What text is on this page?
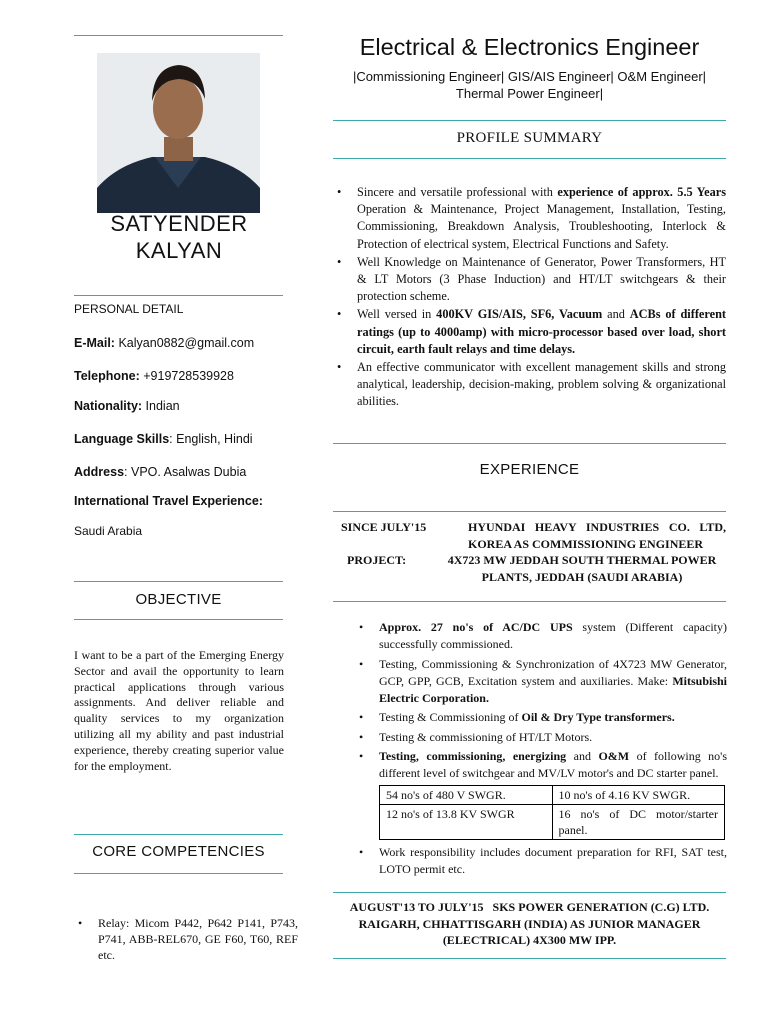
SATYENDER KALYAN
PERSONAL DETAIL
E-Mail: Kalyan0882@gmail.com
Telephone: +919728539928
Nationality: Indian
Language Skills: English, Hindi
Address: VPO. Asalwas Dubia
International Travel Experience:
Saudi Arabia
OBJECTIVE
I want to be a part of the Emerging Energy Sector and avail the opportunity to learn practical applications through various assignments. And deliver reliable and quality services to my organization utilizing all my ability and past industrial experience, thereby creating superior value for the employment.
CORE COMPETENCIES
• Relay: Micom P442, P642 P141, P743, P741, ABB-REL670, GE F60, T60, REF etc.
Electrical & Electronics Engineer
|Commissioning Engineer| GIS/AIS Engineer| O&M Engineer| Thermal Power Engineer|
PROFILE SUMMARY
• Sincere and versatile professional with experience of approx. 5.5 Years Operation & Maintenance, Project Management, Installation, Testing, Commissioning, Breakdown Analysis, Troubleshooting, Interlock & Protection of electrical system, Electrical Functions and Safety.
• Well Knowledge on Maintenance of Generator, Power Transformers, HT & LT Motors (3 Phase Induction) and HT/LT switchgears & their protection scheme.
• Well versed in 400KV GIS/AIS, SF6, Vacuum and ACBs of different ratings (up to 4000amp) with micro-processor based over load, short circuit, earth fault relays and time delays.
• An effective communicator with excellent management skills and strong analytical, leadership, decision-making, problem solving & organizational abilities.
EXPERIENCE
SINCE JULY'15	HYUNDAI HEAVY INDUSTRIES CO. LTD, KOREA AS COMMISSIONING ENGINEER
PROJECT:	4X723 MW JEDDAH SOUTH THERMAL POWER PLANTS, JEDDAH (SAUDI ARABIA)
• Approx. 27 no's of AC/DC UPS system (Different capacity) successfully commissioned.
• Testing, Commissioning & Synchronization of 4X723 MW Generator, GCP, GPP, GCB, Excitation system and auxiliaries. Make: Mitsubishi Electric Corporation.
• Testing & Commissioning of Oil & Dry Type transformers.
• Testing & commissioning of HT/LT Motors.
• Testing, commissioning, energizing and O&M of following no's different level of switchgear and MV/LV motor's and DC starter panel.
54 no's of 480 V SWGR.	10 no's of 4.16 KV SWGR.
12 no's of 13.8 KV SWGR	16 no's of DC motor/starter panel.
• Work responsibility includes document preparation for RFI, SAT test, LOTO permit etc.
AUGUST'13 TO JULY'15   SKS POWER GENERATION (C.G) LTD.
RAIGARH, CHHATTISGARH (INDIA) AS JUNIOR MANAGER
(ELECTRICAL) 4X300 MW IPP.
